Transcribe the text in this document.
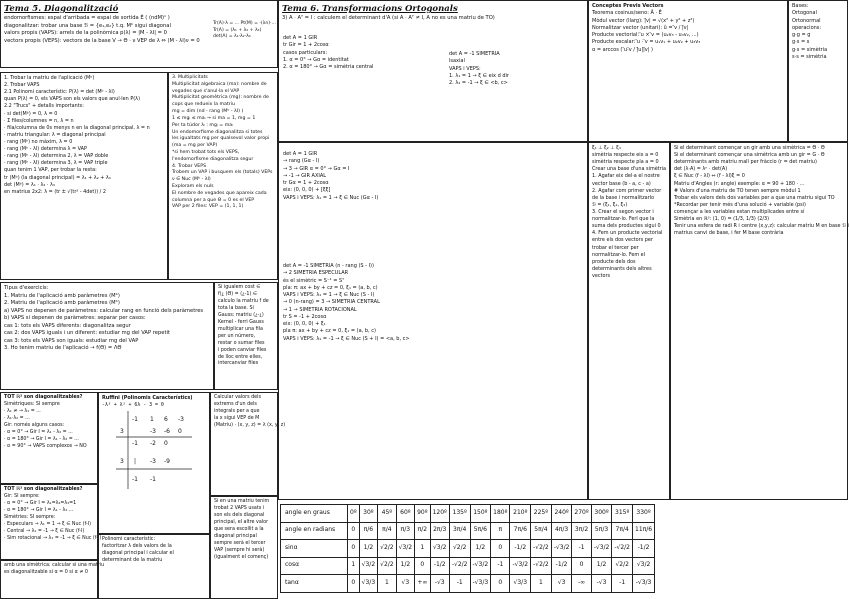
Tema 5. Diagonalització
endomorfismes: espai d'arribada = espai de sortida É ( (ndM)ⁿ )
diagonalitzar: trobar una base ℬ = {e₁,e₂} t.q. Mᵇ sigui diagonal
valors propis (VAPS): arrels de la polinòmica p(λ) = |M - λI| = 0
vectors propis (VEPS): vectors de la base V → Θ · ν VEP de λ ⇔ (M - λI)ν = 0
Tr(A)·λ = ... Pt(M) = ·(λn)·...
Tr(A) = (λ₁ + λ₂ + λ₃)
det(A) = λ₁·λ₂·λ₃
1. Trobar la matriu de l'aplicació (Mᵇ)
2. Trobar VAPS
2.1 Polinomi característic: P(λ) = det (Mᵇ - λI)
quan P(λ) = 0, els VAPS son els valors que anul·len P(λ)
2.2 "Trucs" + detalls importants:
· si det(Mᵇ) = 0, λ = 0
· Σ files/columnes = n, λ = n
· fila/columna de 0s menys n en la diagonal principal, λ = n
· matriu triangular: λ = diagonal principal
· rang (Mᵇ) no màxim, λ = 0
· rang (Mᵇ - λI) determina λ = VAP
· rang (Mᵇ - λI) determina 2, λ = VAP doble
· rang (Mᵇ - λI) determina 3, λ = VAP triple
quan tenim 1 VAP, per trobar la resta:
tr (Mᵇ) (la diagonal principal) = λ₁ + λ₂ + λ₃
det (Mᵇ) = λ₁ · λ₂ · λ₃
en matrius 2x2: λ = (tr ± √(tr² - 4det)) / 2
3. Multiplicitats
Multiplicitat algebraica (ma): nombre de
vegades que s'anul·la el VAP
Multiplicitat geomètrica (mg): nombre de
cops que redueix la matriu
mg = dim (nd - rang (Mᵇ - λI) )
1 ≤ mgᵢ ≤ maᵢ → si ma = 1, mg = 1
Per ta túdor λᵢ : mgᵢ = maᵢ
Un endomorfisme diagonalitza si totes
les igualtats mg per qualsevol valor propi
(ma = mg per VAP)
*si hem trobat tots els VEPS,
l'endomorfisme diagonalitza segur
4. Trobar VEPS
Trobem un VAP i busquem els (totals) VEPs
ν ∈ Nuc (Mᵇ - λI)
Exploram els nuls
El nombre de vegades que apareix cada
columna per a que Θ = 0 es el VEP
VAP per 2 files: VEP = (1, 1, 1)
Tipus d'exercicis:
1. Matriu de l'aplicació amb paràmetres (Mᵇ)
2. Matriu de l'aplicació amb paràmetres (Mᵇ)
a) VAPS no depenen de paràmetres: calcular rang en funció dels paràmetres
b) VAPS si depenen de paràmetres: separar per casos:
cas 1: tots els VAPS diferents: diagonalitza segur
cas 2: dos VAPS iguals i un diferent: estudiar mg del VAP repetit
cas 3: tots els VAPS son iguals: estudiar mg del VAP
3. Ho tenim matriu de l'aplicació → f(Θ) = ΛΘ
Si igualem cost ∈
f(¿ (Θ) = (¿-1) ∈
calculo la matriu f de
tota la base. Si
Gauss: matriu (¿-¿)
Kernel - ferri Gauss
multiplicar una fila
per un número,
restar o sumar files
i poden canviar files
de lloc entre elles,
intercanviar files
TOT ℝ² son diagonalitzables?
Simètriques: SI sempre
· λ₁ ≠ → λ₁ = ...
· λ₁·λ₂ = ...
Gir: només alguns casos:
· α = 0° → Gir I = λ₁ - λ₂ = ...
· α = 180° → Gir I = λ₁ - λ₂ = ...
· α = 90° → VAPS complexos → NO
TOT ℝ³ son diagonalitzables?
Gir: SI sempre:
· α = 0° → Gir I = λ₁=λ₂=λ₃=1
· α = 180° → Gir I = λ₁ - λ₂ ...
Simètries: SI sempre:
· Especulars → λ₁ = 1 → ξ ∈ Nuc (f-I)
· Central → λ₁ = -1 → ξ ∈ Nuc (f-I)
· Sim rotacional → λ₁ = -1 → ξ ∈ Nuc (f-I)
amb una simètrica: calcular si una matriu
es diagonalitzable si α = 0 si α ≠ 0
Ruffini (Polinomis Característics)
-λ³ + λ² + 6λ - 3 = 0
-1 1 6 -3
3	-3 -6 0
-1 -2 0
3 | -3 -9
-1 -1
Polinomi característic:
factoritzar λ dels valors de la
diagonal principal i calcular el
determinant de la matriu
Calcular valors dels
extrems d'un dels
integrals per a que
la x sigui VEP de M
(Matriu) · (x, y, z) = λ (x, y, z)
Si en una matriu tenim
trobat 2 VAPS usats i
son els dels diagonal
principal, el altre valor
que sera escollit a la
diagonal principal
sempre serà el tercer
VAP (sempre hi serà)
(igualment el començ)
Tema 6. Transformacions Ortogonals
3) A · Aᵀ = I : calculem el determinant d'A (si A · Aᵀ ≠ I, A no es una matriu de TO)
det A = 1 GIR
tr Gir = 1 + 2cosα
casos particulars:
1. α = 0° → Gα = identitat
2. α = 180° → Gα = simètria central
det A = -1 SIMETRIA
lsaxial
VAPS i VEPS:
1. λ₁ = 1 → ξ ∈ eix d dir
2. λ₂ = -1 → ξ ∈ <b, c>
det A = 1 GIR
→ rang (Gα - I)
→ 3 → GIR α = 0° → Gα = I
→ -1 → GIR AXIAL
tr Gα = 1 + 2cosα
eix: (0, 0, 0) + [ξξ]
VAPS i VEPS: λ₁ = 1 → ξ ∈ Nuc (Gα - I)
det A = -1 SIMETRIA (n - rang (S - I))
→ 2 SIMETRIA ESPECULAR
és el simètric = S⁻¹ = Sᵀ
pla: π: ax + by + cz = 0, ξ₁ = (a, b, c)
VAPS i VEPS: λ₁ = 1 → ξ ∈ Nuc (S - I)
→ 0 (n-rang) = 3 → SIMETRIA CENTRAL
→ 1 → SIMETRIA ROTACIONAL
tr S = -1 + 2cosα
eix: (0, 0, 0) + ξ₁
pla π: ax + by + cz = 0, ξ₁ = (a, b, c)
VAPS i VEPS: λ₁ = -1 → ξ ∈ Nuc (S + I) = <a, b, c>
Conceptes Previs Vectors
Teorema cosinus/seno: Â · Ê
Mòdul vector (llarg): |⃗v| = √(x² + y² + z²)
Normalitzar vector (unitari): û = ⃗v / |⃗v|
Producte vectorial: ⃗u × ⃗v = (u₂v₃ - u₃v₂, ...)
Producte escalar: ⃗u · ⃗v = u₁v₁ + u₂v₂ + u₃v₃
α = arccos ( ⃗u·⃗v / |⃗u||⃗v| )
Bases:
Ortogonal
Ortonormal
operacions:
g·g = g
g·s = s
g·s = simètria
s·s = simètria
ξ₁ ⊥ ξ₂ ⊥ ξ₃
simètria respecte eix a = 0
simètria respecte pla a = 0
Crear una base d'una simètria
1. Agafar eix del·a el nostre
vector base (b - a, c - a)
2. Agafar com primer vector
de la base i normalitzarlo
ℬ = (ξ₁, ξ₂, ξ₃)
3. Crear el segon vector i
normalitzar-lo. Ferl que la
suma dels productes sigui 0
4. Fem un producte vectorial
entre els dos vectors per
trobar el tercer per
normalitzar-lo. Fem el
producte dels dos
determinants dels altres
vectors
Si el determinant començar un gir amb una simètrica = Θ · Θ
Si el determinant començar una simètrica amb un gir = G · Θ
determinants amb matriu mall per fràccio (r = det matriu)
det (λ·A) = λⁿ · det(A)
ξ ∈ Nuc (f - λI) ⇔ (f - λI)ξ = 0
Matriu d'Angles (r: angle) exemple: α = 90 + 180 · ...
# Valors d'una matriu de TO tenen sempre mòdul 1
Trobar els valors dels dos variables per a que una matriu sigui TO
*Recordar per tenir més d'una solució + variable (psi)
començar a les variables estan multiplicades entre sí
Simètria en ℝ³: (1, 0) = (1/3, 1/3) (2/3)
Tenir una esfera de radi R i centre (x,y,z): calcular matriu M en base ℬ i
matrius canvi de base, i fer M base contrària
angle en graus	0º	30º	45º	60º	90º	120º	135º	150º	180º	210º	225º	240º	270º	300º	315º	330º
angle en radians	0	π/6	π/4	π/3	π/2	2π/3	3π/4	5π/6	π	7π/6	5π/4	4π/3	3π/2	5π/3	7π/4	11π/6
sinα	0	1/2	√2/2	√3/2	1	√3/2	√2/2	1/2	0	-1/2	-√2/2	-√3/2	-1	-√3/2	-√2/2	-1/2
cosα	1	√3/2	√2/2	1/2	0	-1/2	-√2/2	-√3/2	-1	-√3/2	-√2/2	-1/2	0	1/2	√2/2	√3/2
tanα	0	√3/3	1	√3	+∞	-√3	-1	-√3/3	0	√3/3	1	√3	-∞	-√3	-1	-√3/3
